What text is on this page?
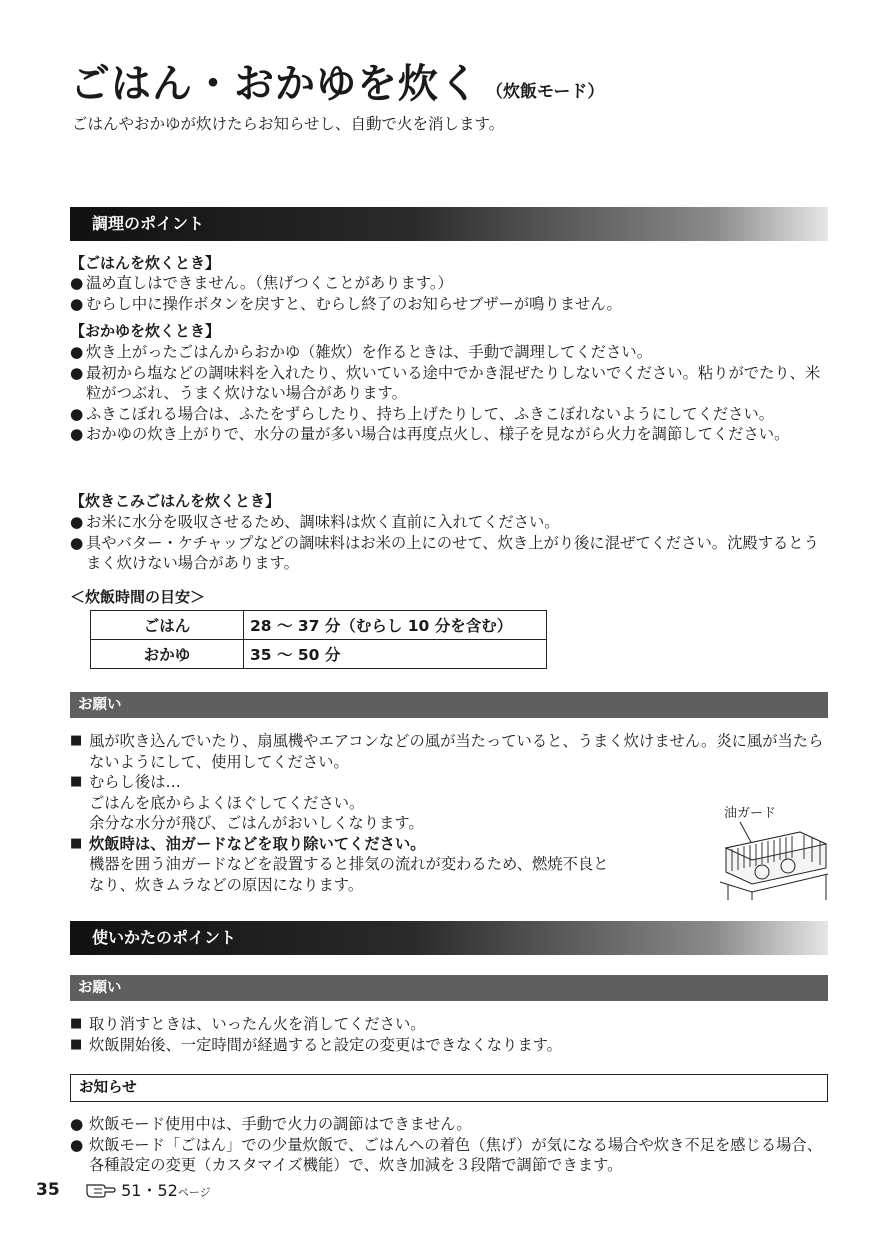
ごはん・おかゆを炊く （炊飯モード）
ごはんやおかゆが炊けたらお知らせし、自動で火を消します。
調理のポイント
【ごはんを炊くとき】
● 温め直しはできません。（焦げつくことがあります。）
● むらし中に操作ボタンを戻すと、むらし終了のお知らせブザーが鳴りません。
【おかゆを炊くとき】
● 炊き上がったごはんからおかゆ（雑炊）を作るときは、手動で調理してください。
● 最初から塩などの調味料を入れたり、炊いている途中でかき混ぜたりしないでください。粘りがでたり、米粒がつぶれ、うまく炊けない場合があります。
● ふきこぼれる場合は、ふたをずらしたり、持ち上げたりして、ふきこぼれないようにしてください。
● おかゆの炊き上がりで、水分の量が多い場合は再度点火し、様子を見ながら火力を調節してください。
【炊きこみごはんを炊くとき】
● お米に水分を吸収させるため、調味料は炊く直前に入れてください。
● 具やバター・ケチャップなどの調味料はお米の上にのせて、炊き上がり後に混ぜてください。沈殿するとうまく炊けない場合があります。
＜炊飯時間の目安＞
ごはん	28 ～ 37 分（むらし 10 分を含む）
おかゆ	35 ～ 50 分
お願い
■ 風が吹き込んでいたり、扇風機やエアコンなどの風が当たっていると、うまく炊けません。炎に風が当たらないようにして、使用してください。
■ むらし後は…
ごはんを底からよくほぐしてください。
余分な水分が飛び、ごはんがおいしくなります。
■ 炊飯時は、油ガードなどを取り除いてください。
機器を囲う油ガードなどを設置すると排気の流れが変わるため、燃焼不良と
なり、炊きムラなどの原因になります。
油ガード
使いかたのポイント
お願い
■ 取り消すときは、いったん火を消してください。
■ 炊飯開始後、一定時間が経過すると設定の変更はできなくなります。
お知らせ
● 炊飯モード使用中は、手動で火力の調節はできません。
● 炊飯モード「ごはん」での少量炊飯で、ごはんへの着色（焦げ）が気になる場合や炊き不足を感じる場合、各種設定の変更（カスタマイズ機能）で、炊き加減を３段階で調節できます。
35	51・52ページ
